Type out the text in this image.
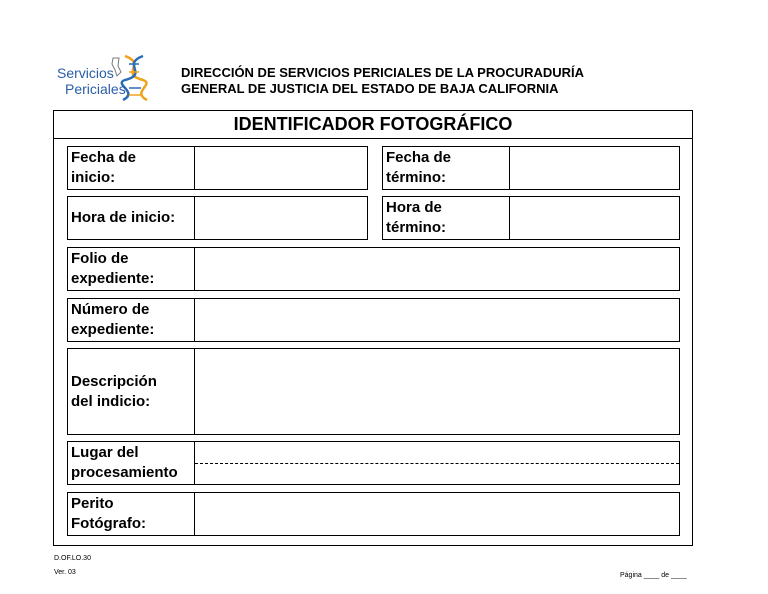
Servicios
Periciales
DIRECCIÓN DE SERVICIOS PERICIALES DE LA PROCURADURÍA
GENERAL DE JUSTICIA DEL ESTADO DE BAJA CALIFORNIA
IDENTIFICADOR FOTOGRÁFICO
Fecha de
inicio:
Fecha de
término:
Hora de inicio:
Hora de
término:
Folio de
expediente:
Número de
expediente:
Descripción
del indicio:
Lugar del
procesamiento
Perito
Fotógrafo:
D.OF.LO.30
Ver. 03	Página ____ de ____
